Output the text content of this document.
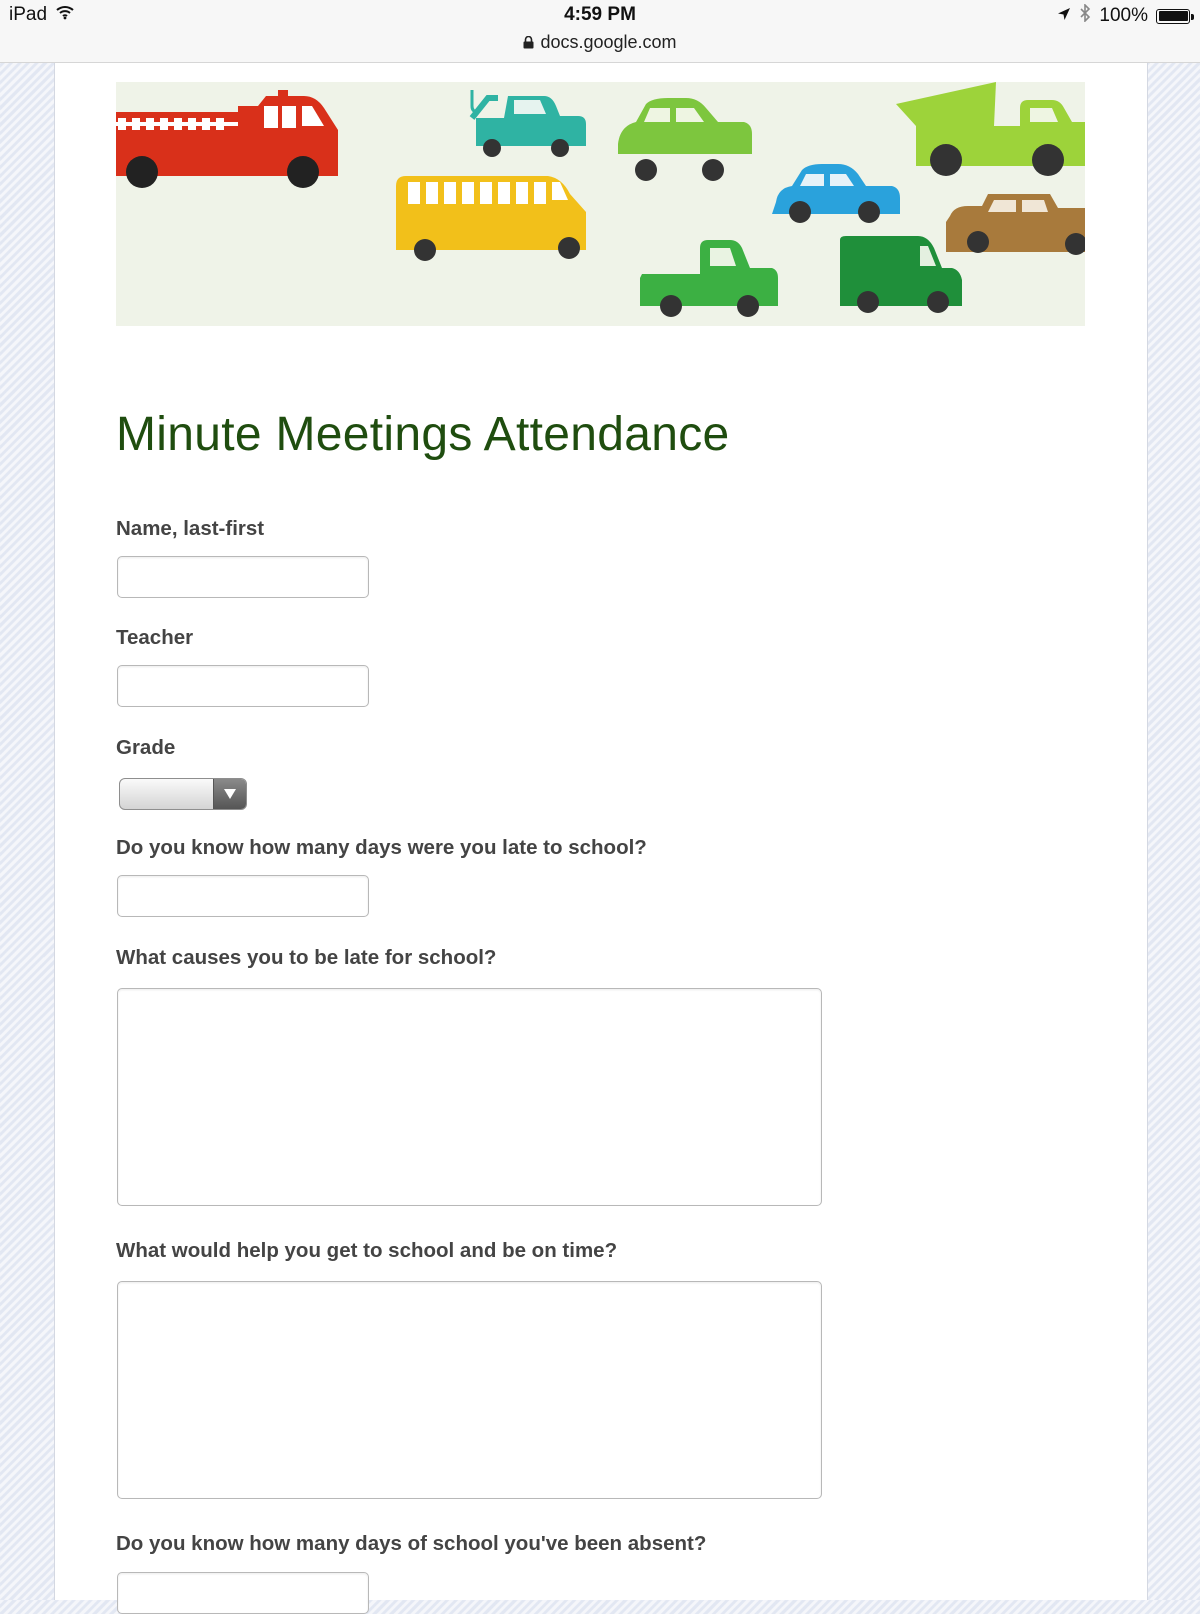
iPad	4:59 PM
docs.google.com
100%
Minute Meetings Attendance
Name, last-first
Teacher
Grade
Do you know how many days were you late to school?
What causes you to be late for school?
What would help you get to school and be on time?
Do you know how many days of school you've been absent?
